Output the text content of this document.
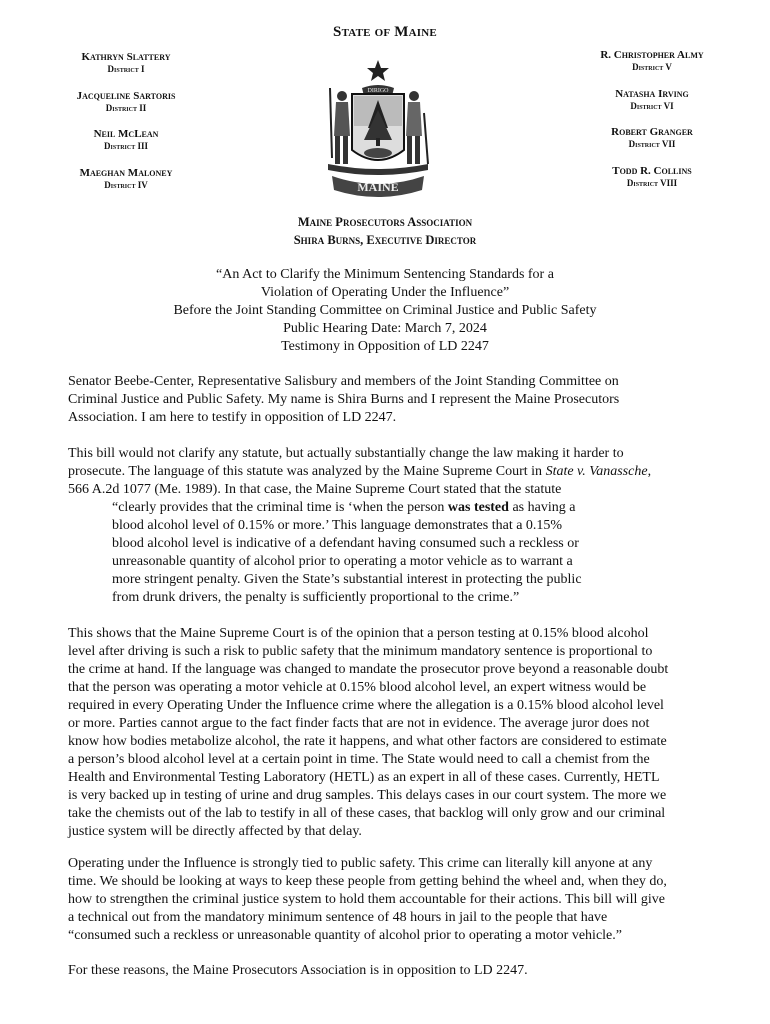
State of Maine
Kathryn Slattery
District I
Jacqueline Sartoris
District II
Neil McLean
District III
Maeghan Maloney
District IV
R. Christopher Almy
District V
Natasha Irving
District VI
Robert Granger
District VII
Todd R. Collins
District VIII
MAINE
DIRIGO
Maine Prosecutors Association
Shira Burns, Executive Director
“An Act to Clarify the Minimum Sentencing Standards for a
Violation of Operating Under the Influence”
Before the Joint Standing Committee on Criminal Justice and Public Safety
Public Hearing Date: March 7, 2024
Testimony in Opposition of LD 2247
Senator Beebe-Center, Representative Salisbury and members of the Joint Standing Committee on
Criminal Justice and Public Safety. My name is Shira Burns and I represent the Maine Prosecutors
Association. I am here to testify in opposition of LD 2247.
This bill would not clarify any statute, but actually substantially change the law making it harder to
prosecute. The language of this statute was analyzed by the Maine Supreme Court in State v. Vanassche,
566 A.2d 1077 (Me. 1989). In that case, the Maine Supreme Court stated that the statute
“clearly provides that the criminal time is ‘when the person was tested as having a
blood alcohol level of 0.15% or more.’ This language demonstrates that a 0.15%
blood alcohol level is indicative of a defendant having consumed such a reckless or
unreasonable quantity of alcohol prior to operating a motor vehicle as to warrant a
more stringent penalty. Given the State’s substantial interest in protecting the public
from drunk drivers, the penalty is sufficiently proportional to the crime.”
This shows that the Maine Supreme Court is of the opinion that a person testing at 0.15% blood alcohol
level after driving is such a risk to public safety that the minimum mandatory sentence is proportional to
the crime at hand. If the language was changed to mandate the prosecutor prove beyond a reasonable doubt
that the person was operating a motor vehicle at 0.15% blood alcohol level, an expert witness would be
required in every Operating Under the Influence crime where the allegation is a 0.15% blood alcohol level
or more. Parties cannot argue to the fact finder facts that are not in evidence. The average juror does not
know how bodies metabolize alcohol, the rate it happens, and what other factors are considered to estimate
a person’s blood alcohol level at a certain point in time. The State would need to call a chemist from the
Health and Environmental Testing Laboratory (HETL) as an expert in all of these cases. Currently, HETL
is very backed up in testing of urine and drug samples. This delays cases in our court system. The more we
take the chemists out of the lab to testify in all of these cases, that backlog will only grow and our criminal
justice system will be directly affected by that delay.
Operating under the Influence is strongly tied to public safety. This crime can literally kill anyone at any
time. We should be looking at ways to keep these people from getting behind the wheel and, when they do,
how to strengthen the criminal justice system to hold them accountable for their actions. This bill will give
a technical out from the mandatory minimum sentence of 48 hours in jail to the people that have
“consumed such a reckless or unreasonable quantity of alcohol prior to operating a motor vehicle.”
For these reasons, the Maine Prosecutors Association is in opposition to LD 2247.
